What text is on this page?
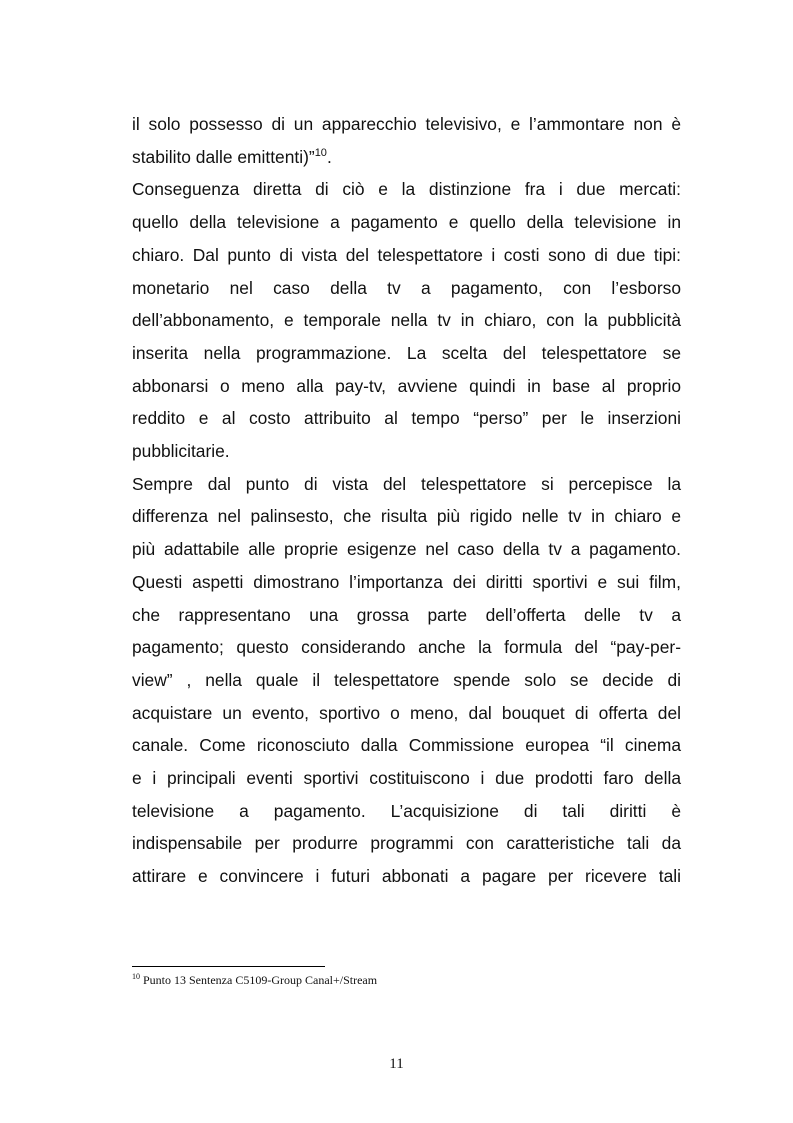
il solo possesso di un apparecchio televisivo, e l’ammontare non è
stabilito dalle emittenti)”$^{10}$.
Conseguenza diretta di ciò e la distinzione fra i due mercati:
quello della televisione a pagamento e quello della televisione in
chiaro. Dal punto di vista del telespettatore i costi sono di due tipi:
monetario nel caso della tv a pagamento, con l’esborso
dell’abbonamento, e temporale nella tv in chiaro, con la pubblicità
inserita nella programmazione. La scelta del telespettatore se
abbonarsi o meno alla pay-tv, avviene quindi in base al proprio
reddito e al costo attribuito al tempo “perso” per le inserzioni
pubblicitarie.
Sempre dal punto di vista del telespettatore si percepisce la
differenza nel palinsesto, che risulta più rigido nelle tv in chiaro e
più adattabile alle proprie esigenze nel caso della tv a pagamento.
Questi aspetti dimostrano l’importanza dei diritti sportivi e sui film,
che rappresentano una grossa parte dell’offerta delle tv a
pagamento; questo considerando anche la formula del “pay-per-
view” , nella quale il telespettatore spende solo se decide di
acquistare un evento, sportivo o meno, dal bouquet di offerta del
canale. Come riconosciuto dalla Commissione europea “il cinema
e i principali eventi sportivi costituiscono i due prodotti faro della
televisione a pagamento. L’acquisizione di tali diritti è
indispensabile per produrre programmi con caratteristiche tali da
attirare e convincere i futuri abbonati a pagare per ricevere tali
$^{10}$ Punto 13 Sentenza C5109-Group Canal+/Stream
11
